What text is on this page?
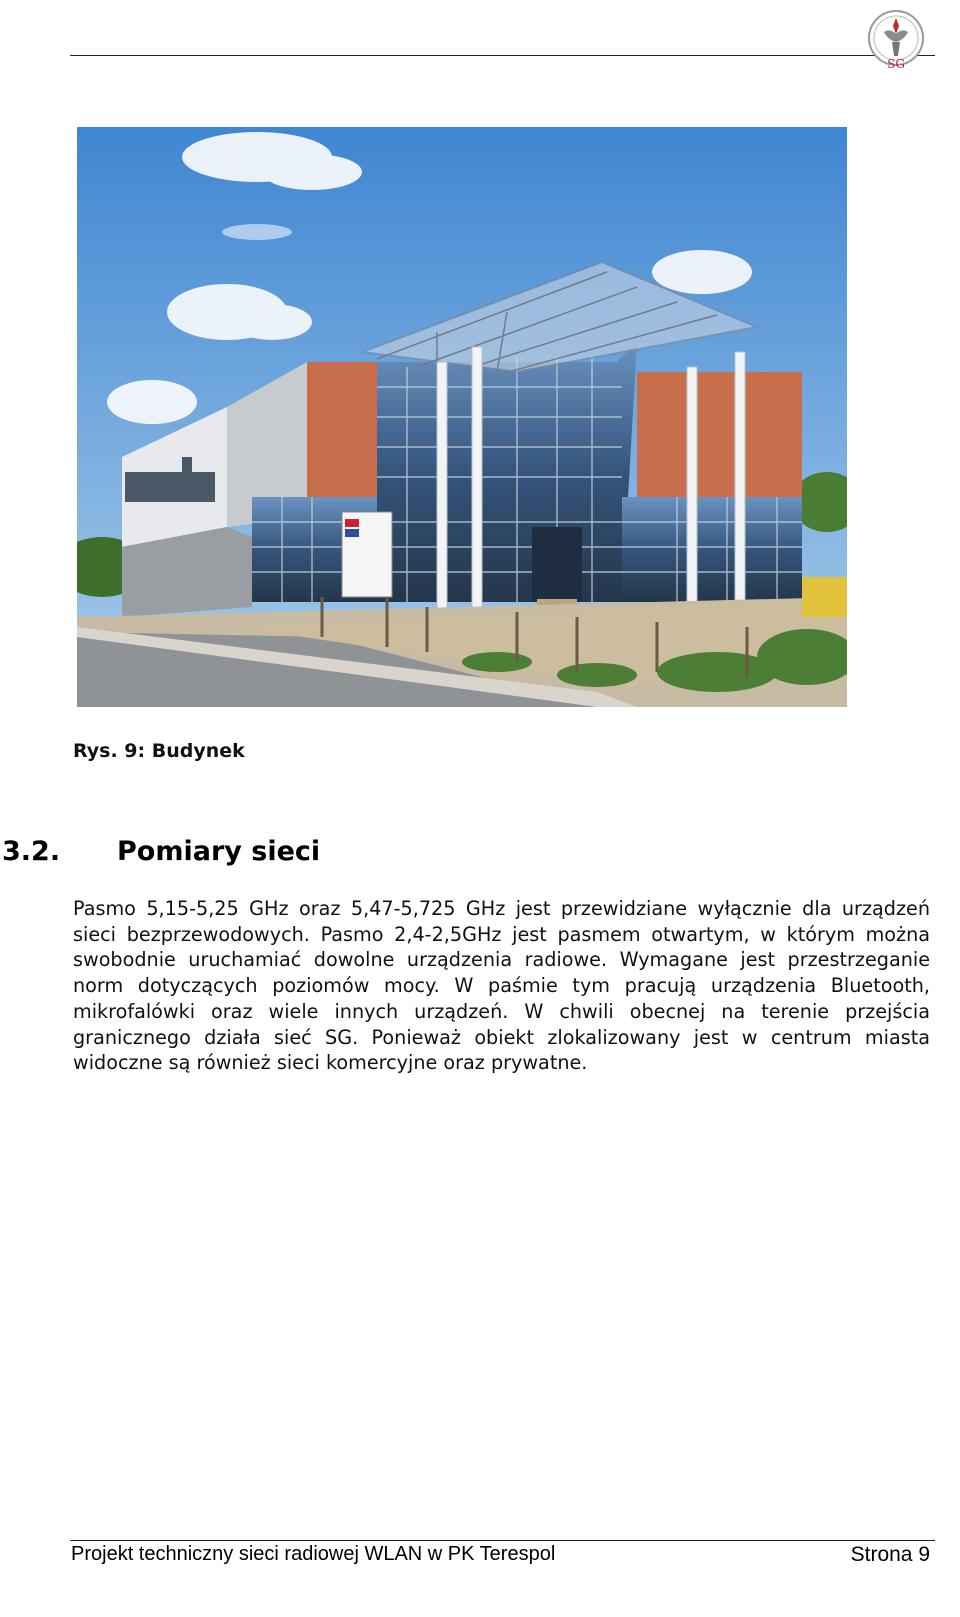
SG
Rys. 9: Budynek
3.2. Pomiary sieci

Pasmo 5,15-5,25 GHz oraz 5,47-5,725 GHz jest przewidziane wyłącznie dla urządzeń sieci bezprzewodowych. Pasmo 2,4-2,5GHz jest pasmem otwartym, w którym można swobodnie uruchamiać dowolne urządzenia radiowe. Wymagane jest przestrzeganie norm dotyczących poziomów mocy. W paśmie tym pracują urządzenia Bluetooth, mikrofalówki oraz wiele innych urządzeń. W chwili obecnej na terenie przejścia granicznego działa sieć SG. Ponieważ obiekt zlokalizowany jest w centrum miasta widoczne są również sieci komercyjne oraz prywatne.

Projekt techniczny sieci radiowej WLAN w PK Terespol	Strona 9
